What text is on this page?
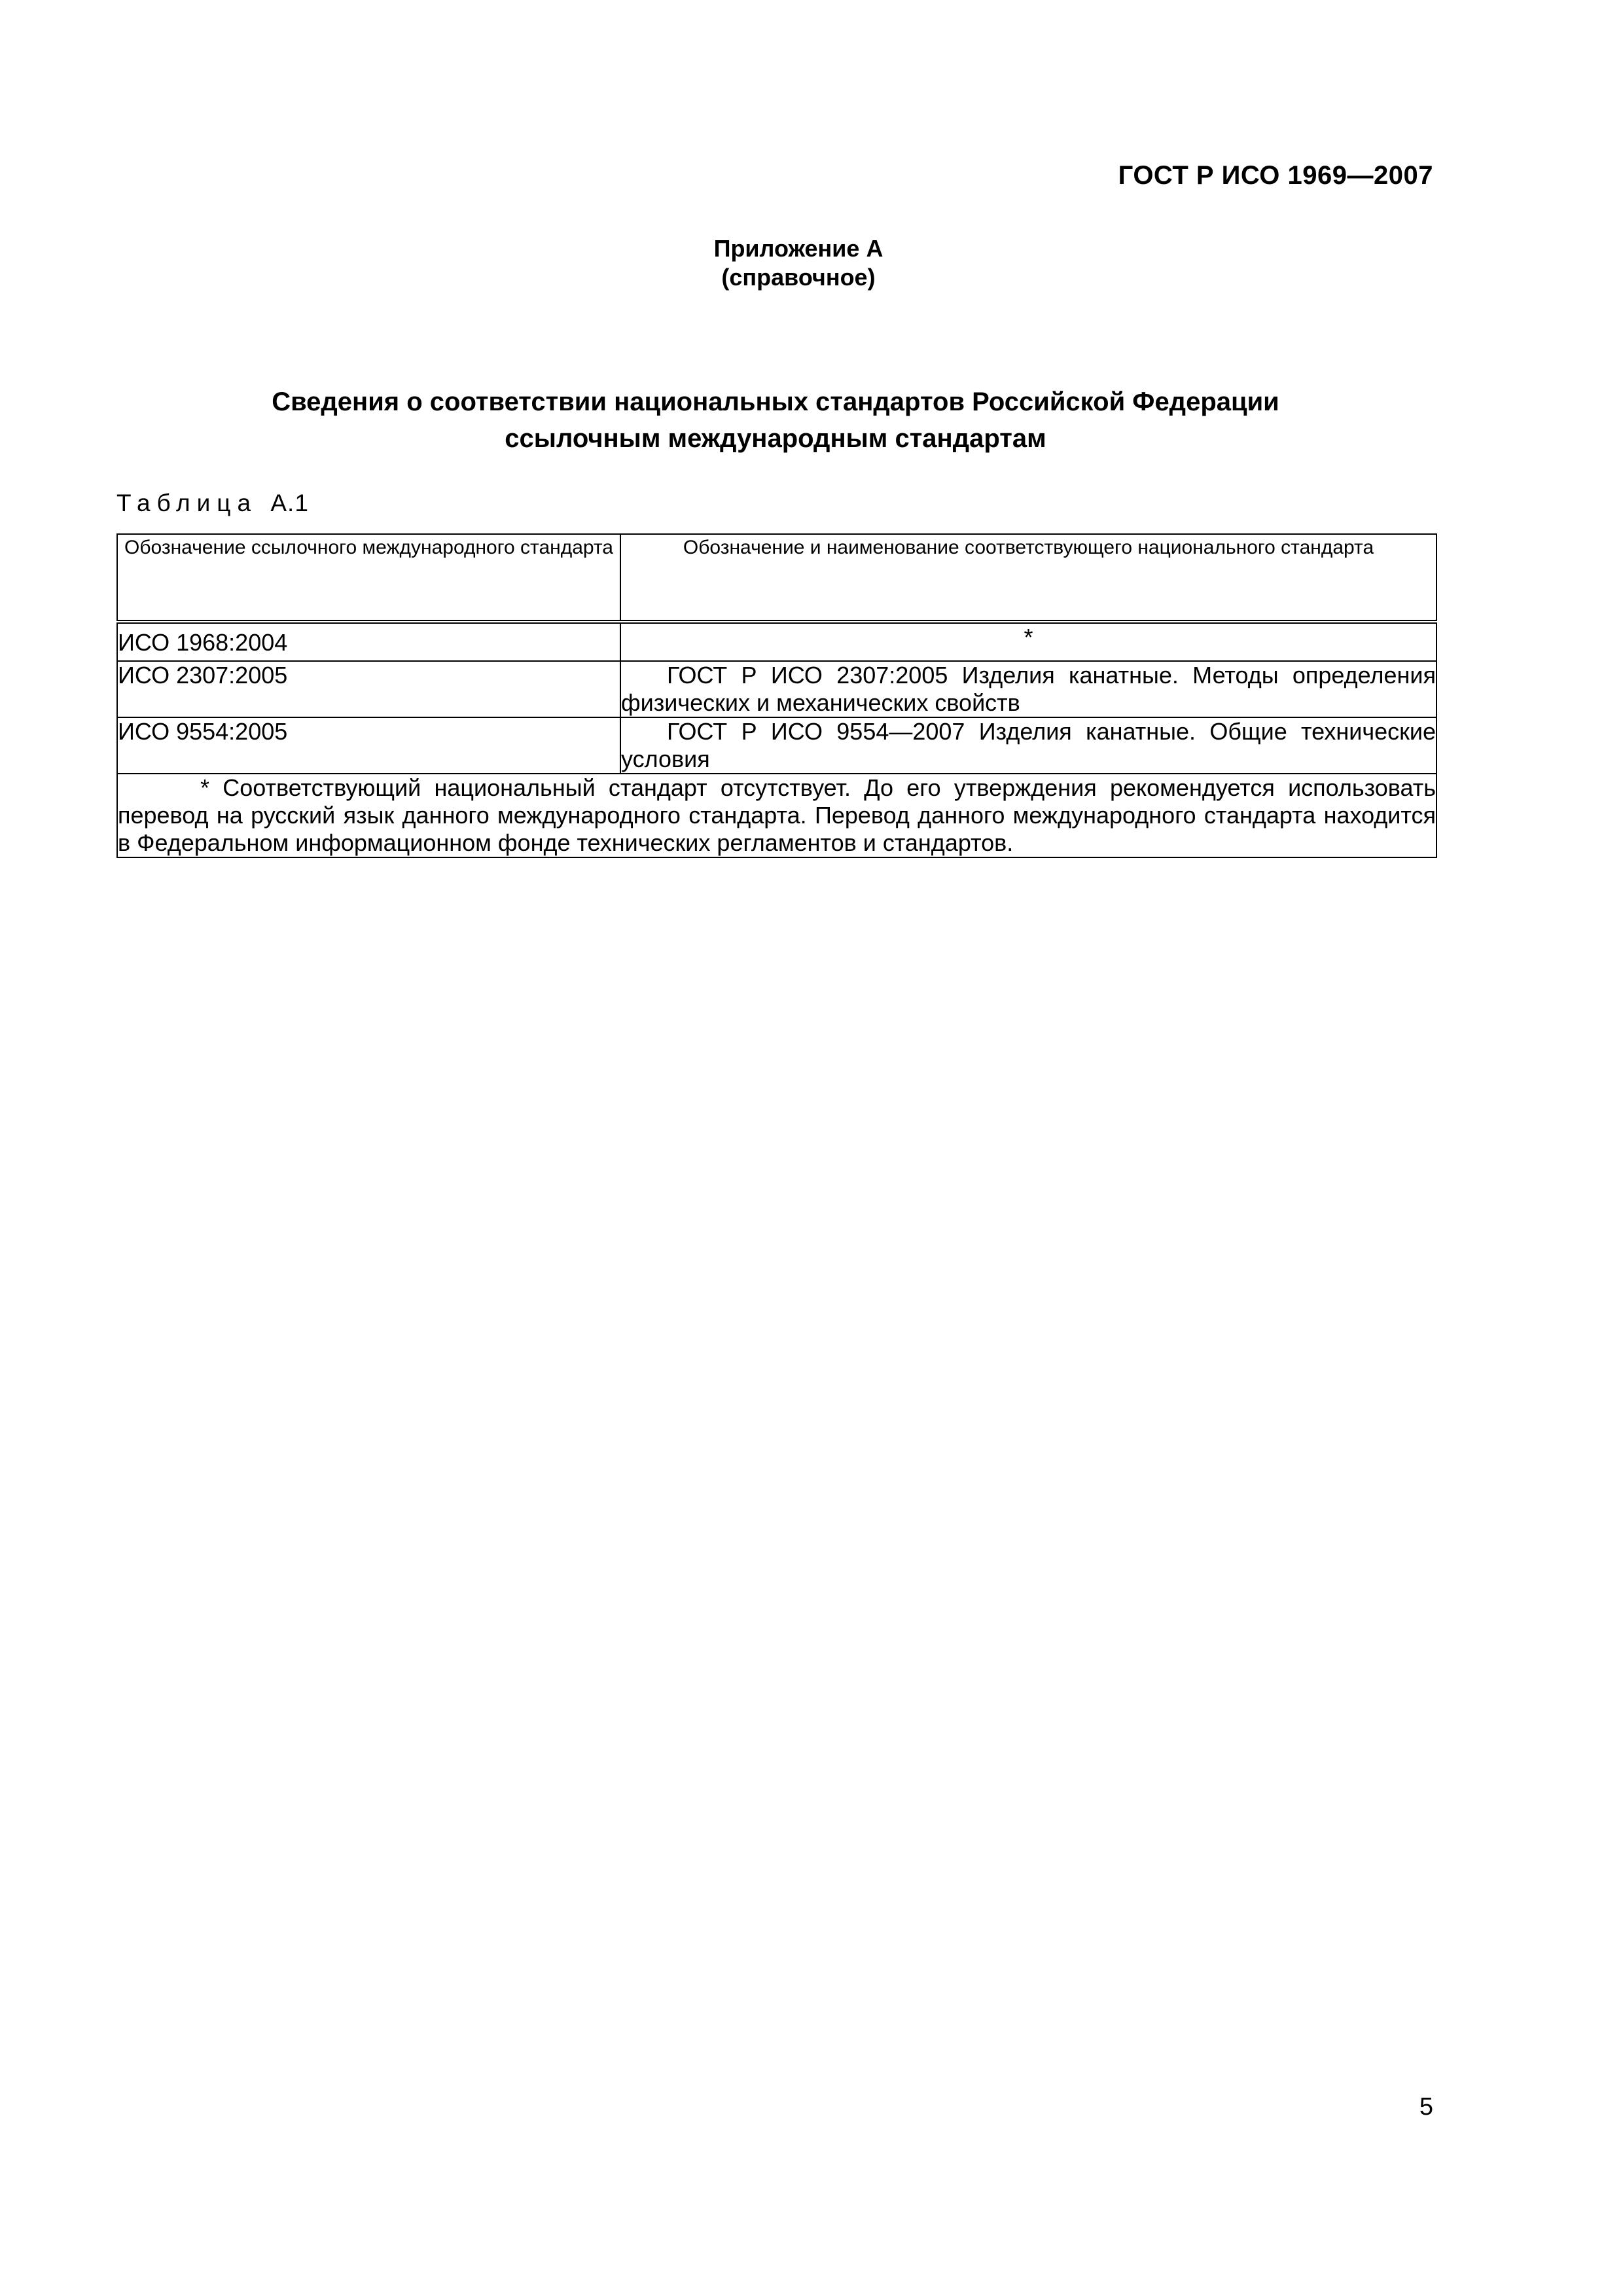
ГОСТ Р ИСО 1969—2007
Приложение А
(справочное)
Сведения о соответствии национальных стандартов Российской Федерации
ссылочным международным стандартам
Таблица А.1
Обозначение ссылочного международного стандарта	Обозначение и наименование соответствующего национального стандарта
ИСО 1968:2004	*
ИСО 2307:2005	ГОСТ Р ИСО 2307:2005 Изделия канатные. Методы определения физических и механических свойств

ИСО 9554:2005	ГОСТ Р ИСО 9554—2007 Изделия канатные. Общие технические условия

* Соответствующий национальный стандарт отсутствует. До его утверждения рекомендуется использовать перевод на русский язык данного международного стандарта. Перевод данного международного стандарта находится в Федеральном информационном фонде технических регламентов и стандартов.	
5
